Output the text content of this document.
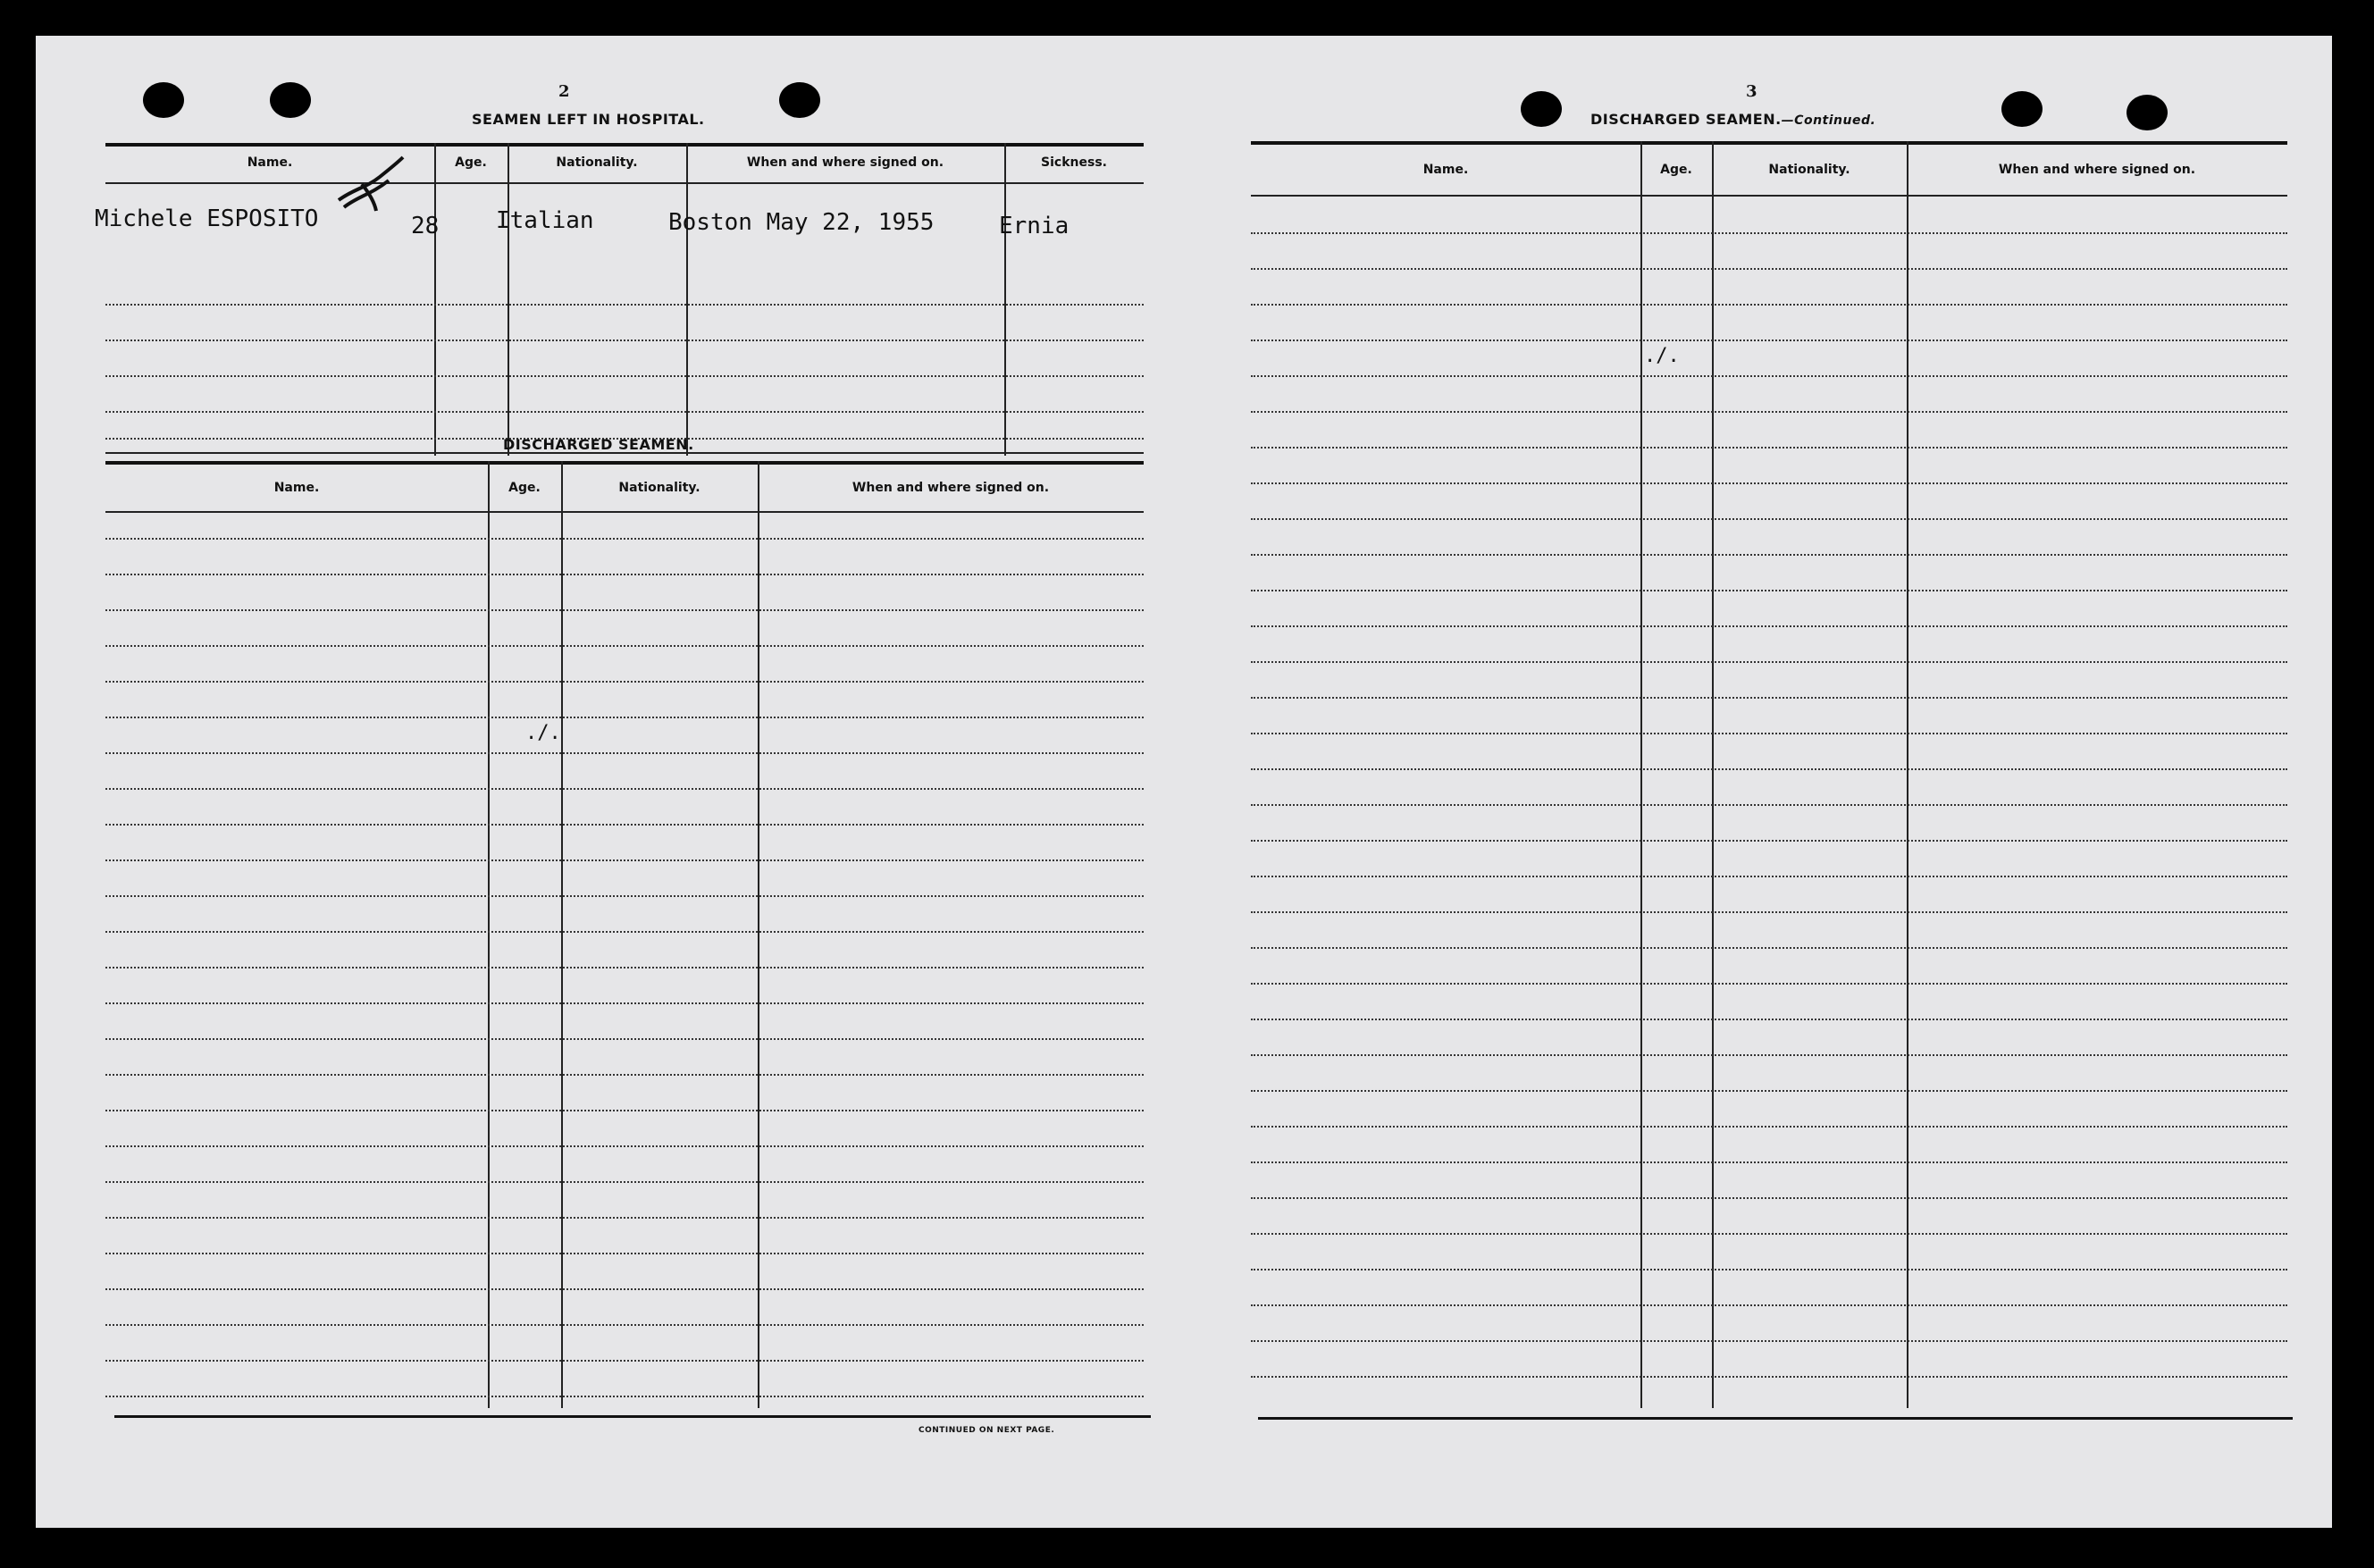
2
SEAMEN LEFT IN HOSPITAL.
Name.	Age.	Nationality.	When and where signed on.	Sickness.
Michele ESPOSITO	28 Italian	Boston May 22, 1955	Ernia
DISCHARGED SEAMEN.
Name.	Age.	Nationality.	When and where signed on.
./.
CONTINUED ON NEXT PAGE.
3
DISCHARGED SEAMEN.—Continued.
Name.	Age.	Nationality.	When and where signed on.
./.
